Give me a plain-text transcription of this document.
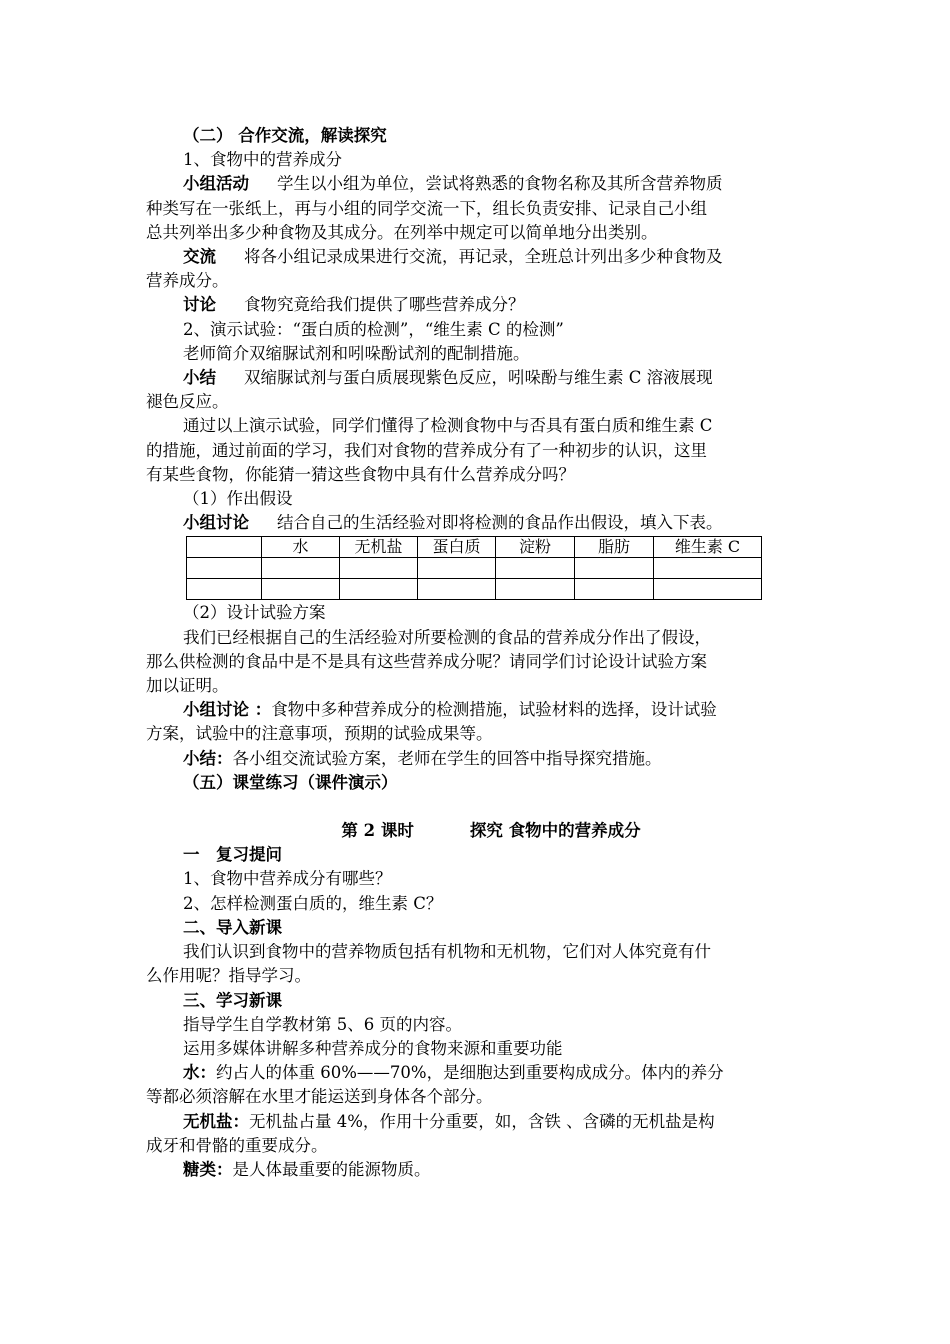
（二） 合作交流，解读探究

1、食物中的营养成分

小组活动 学生以小组为单位，尝试将熟悉的食物名称及其所含营养物质

种类写在一张纸上，再与小组的同学交流一下，组长负责安排、记录自己小组

总共列举出多少种食物及其成分。在列举中规定可以简单地分出类别。

交流 将各小组记录成果进行交流，再记录，全班总计列出多少种食物及

营养成分。

讨论 食物究竟给我们提供了哪些营养成分？

2、演示试验：“蛋白质的检测”，“维生素 C 的检测”

老师简介双缩脲试剂和吲哚酚试剂的配制措施。

小结 双缩脲试剂与蛋白质展现紫色反应，吲哚酚与维生素 C 溶液展现

褪色反应。

通过以上演示试验，同学们懂得了检测食物中与否具有蛋白质和维生素 C

的措施，通过前面的学习，我们对食物的营养成分有了一种初步的认识，这里

有某些食物，你能猜一猜这些食物中具有什么营养成分吗？

（1）作出假设

小组讨论 结合自己的生活经验对即将检测的食品作出假设，填入下表。

	水	无机盐	蛋白质	淀粉	脂肪	维生素 C

（2）设计试验方案

我们已经根据自己的生活经验对所要检测的食品的营养成分作出了假设，

那么供检测的食品中是不是具有这些营养成分呢？请同学们讨论设计试验方案

加以证明。

小组讨论 ：食物中多种营养成分的检测措施，试验材料的选择，设计试验

方案，试验中的注意事项，预期的试验成果等。

小结：各小组交流试验方案，老师在学生的回答中指导探究措施。

（五）课堂练习（课件演示）

第 2 课时	探究 食物中的营养成分

一　复习提问

1、食物中营养成分有哪些？

2、怎样检测蛋白质的，维生素 C？

二、导入新课

我们认识到食物中的营养物质包括有机物和无机物，它们对人体究竟有什

么作用呢？指导学习。

三、学习新课

指导学生自学教材第 5、6 页的内容。

运用多媒体讲解多种营养成分的食物来源和重要功能

水：约占人的体重 60%——70%，是细胞达到重要构成成分。体内的养分

等都必须溶解在水里才能运送到身体各个部分。

无机盐：无机盐占量 4%，作用十分重要，如，含铁 、含磷的无机盐是构

成牙和骨骼的重要成分。

糖类：是人体最重要的能源物质。
